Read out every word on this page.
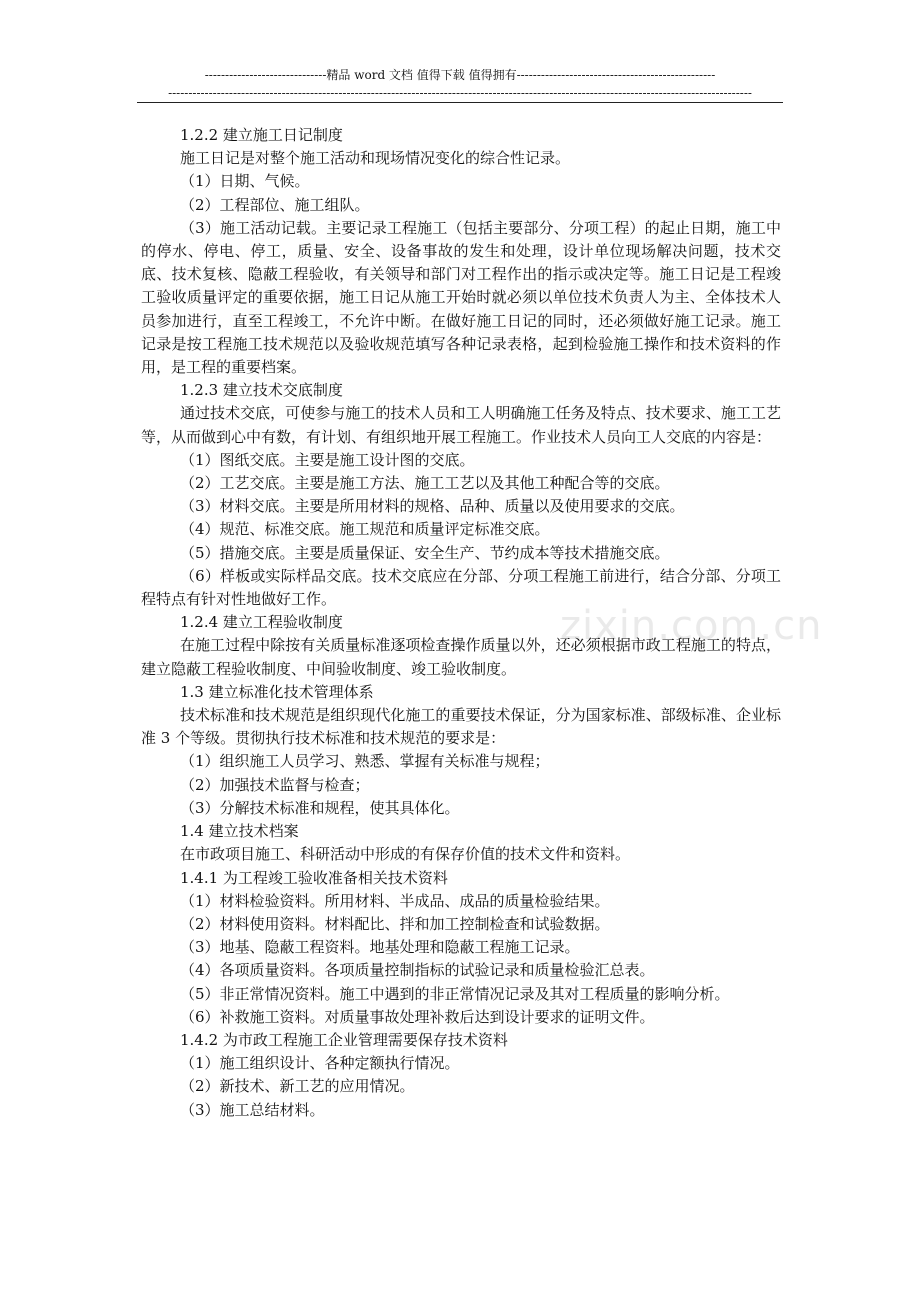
------------------------------精品 word 文档 值得下载 值得拥有-------------------------------------------------
------------------------------------------------------------------------------------------------------------------------------------------------
zixin.com.cn

1.2.2 建立施工日记制度

施工日记是对整个施工活动和现场情况变化的综合性记录。

（1）日期、气候。

（2）工程部位、施工组队。

（3）施工活动记载。主要记录工程施工（包括主要部分、分项工程）的起止日期，施工中的停水、停电、停工，质量、安全、设备事故的发生和处理，设计单位现场解决问题，技术交底、技术复核、隐蔽工程验收，有关领导和部门对工程作出的指示或决定等。施工日记是工程竣工验收质量评定的重要依据，施工日记从施工开始时就必须以单位技术负责人为主、全体技术人员参加进行，直至工程竣工，不允许中断。在做好施工日记的同时，还必须做好施工记录。施工记录是按工程施工技术规范以及验收规范填写各种记录表格，起到检验施工操作和技术资料的作用，是工程的重要档案。

1.2.3 建立技术交底制度

通过技术交底，可使参与施工的技术人员和工人明确施工任务及特点、技术要求、施工工艺等，从而做到心中有数，有计划、有组织地开展工程施工。作业技术人员向工人交底的内容是：

（1）图纸交底。主要是施工设计图的交底。

（2）工艺交底。主要是施工方法、施工工艺以及其他工种配合等的交底。

（3）材料交底。主要是所用材料的规格、品种、质量以及使用要求的交底。

（4）规范、标准交底。施工规范和质量评定标准交底。

（5）措施交底。主要是质量保证、安全生产、节约成本等技术措施交底。

（6）样板或实际样品交底。技术交底应在分部、分项工程施工前进行，结合分部、分项工程特点有针对性地做好工作。

1.2.4 建立工程验收制度

在施工过程中除按有关质量标准逐项检查操作质量以外，还必须根据市政工程施工的特点，建立隐蔽工程验收制度、中间验收制度、竣工验收制度。

1.3 建立标准化技术管理体系

技术标准和技术规范是组织现代化施工的重要技术保证，分为国家标准、部级标准、企业标准 3 个等级。贯彻执行技术标准和技术规范的要求是：

（1）组织施工人员学习、熟悉、掌握有关标准与规程；

（2）加强技术监督与检查；

（3）分解技术标准和规程，使其具体化。

1.4 建立技术档案

在市政项目施工、科研活动中形成的有保存价值的技术文件和资料。

1.4.1 为工程竣工验收准备相关技术资料

（1）材料检验资料。所用材料、半成品、成品的质量检验结果。

（2）材料使用资料。材料配比、拌和加工控制检查和试验数据。

（3）地基、隐蔽工程资料。地基处理和隐蔽工程施工记录。

（4）各项质量资料。各项质量控制指标的试验记录和质量检验汇总表。

（5）非正常情况资料。施工中遇到的非正常情况记录及其对工程质量的影响分析。

（6）补救施工资料。对质量事故处理补救后达到设计要求的证明文件。

1.4.2 为市政工程施工企业管理需要保存技术资料

（1）施工组织设计、各种定额执行情况。

（2）新技术、新工艺的应用情况。

（3）施工总结材料。
